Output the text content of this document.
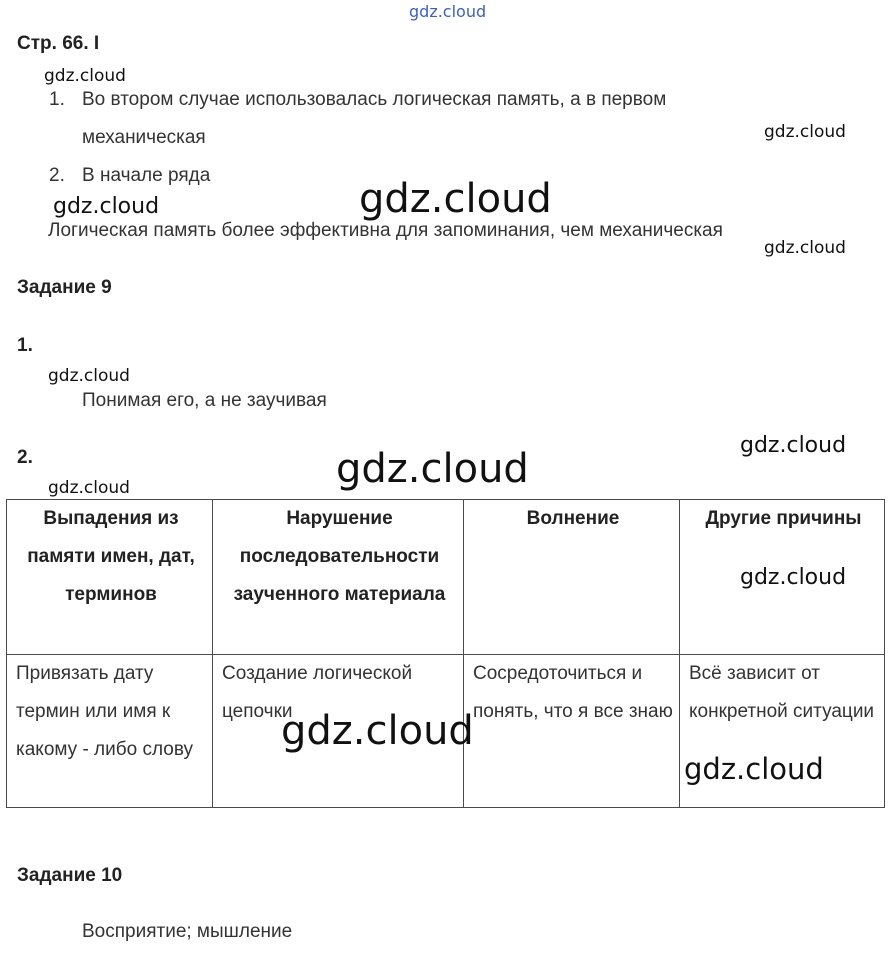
gdz.cloud
Стр. 66. I
gdz.cloud
1. Во втором случае использовалась логическая память, а в первом
механическая	gdz.cloud
2. В начале ряда
gdz.cloud
gdz.cloud
Логическая память более эффективна для запоминания, чем механическая
gdz.cloud
Задание 9
1.
gdz.cloud
Понимая его, а не заучивая
gdz.cloud
2.	gdz.cloud
gdz.cloud
Выпадения из памяти имен, дат, терминов	Нарушение последовательности заученного материала	Волнение	Другие причины

Привязать дату термин или имя к какому - либо слову	Создание логической цепочки	Сосредоточиться и понять, что я все знаю	Всё зависит от конкретной ситуации
gdz.cloud
gdz.cloud
gdz.cloud
Задание 10
Восприятие; мышление
